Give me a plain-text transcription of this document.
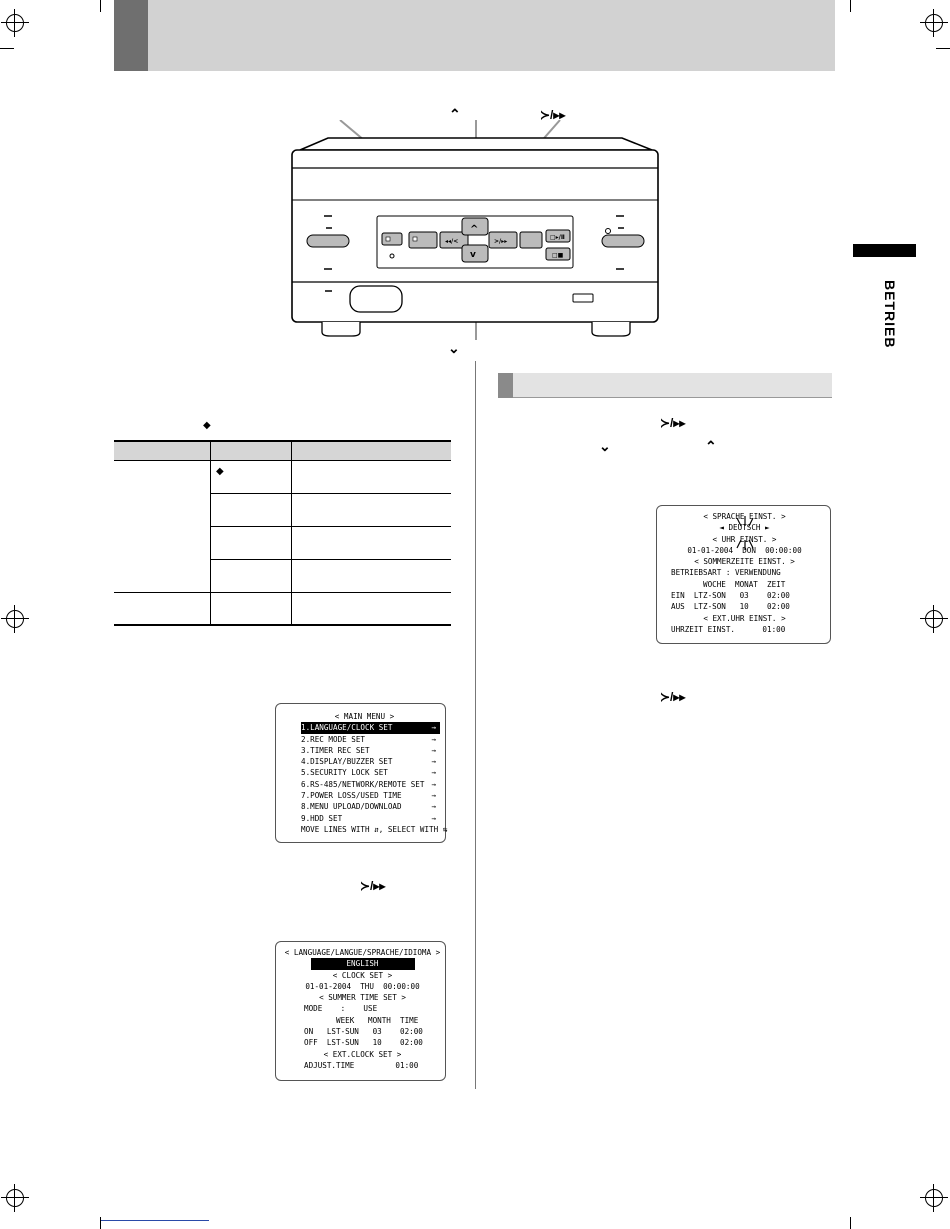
BETRIEB
⌃	≻/▸▸
⌄
◂◂/<
^
v
>/▸▸
□▸/Ⅱ
□■
◆
◆
< MAIN MENU >
1.LANGUAGE/CLOCK SET	→
2.REC MODE SET	→
3.TIMER REC SET	→
4.DISPLAY/BUZZER SET	→
5.SECURITY LOCK SET	→
6.RS-485/NETWORK/REMOTE SET →
7.POWER LOSS/USED TIME	→
8.MENU UPLOAD/DOWNLOAD	→
9.HDD SET	→
MOVE LINES WITH ⇵, SELECT WITH ⇆
≻/▸▸
< LANGUAGE/LANGUE/SPRACHE/IDIOMA >
ENGLISH
< CLOCK SET >
01-01-2004  THU  00:00:00
< SUMMER TIME SET >
MODE    :    USE
WEEK   MONTH  TIME
ON   LST-SUN   03    02:00
OFF  LST-SUN   10    02:00
< EXT.CLOCK SET >
ADJUST.TIME         01:00
≻/▸▸
⌄	⌃
≻/▸▸
< SPRACHE EINST. >
◄ DEUTSCH ►
< UHR EINST. >
01-01-2004  DON  00:00:00
< SOMMERZEITE EINST. >
BETRIEBSART : VERWENDUNG
WOCHE  MONAT  ZEIT
EIN  LTZ-SON   03    02:00
AUS  LTZ-SON   10    02:00
< EXT.UHR EINST. >
UHRZEIT EINST.      01:00
